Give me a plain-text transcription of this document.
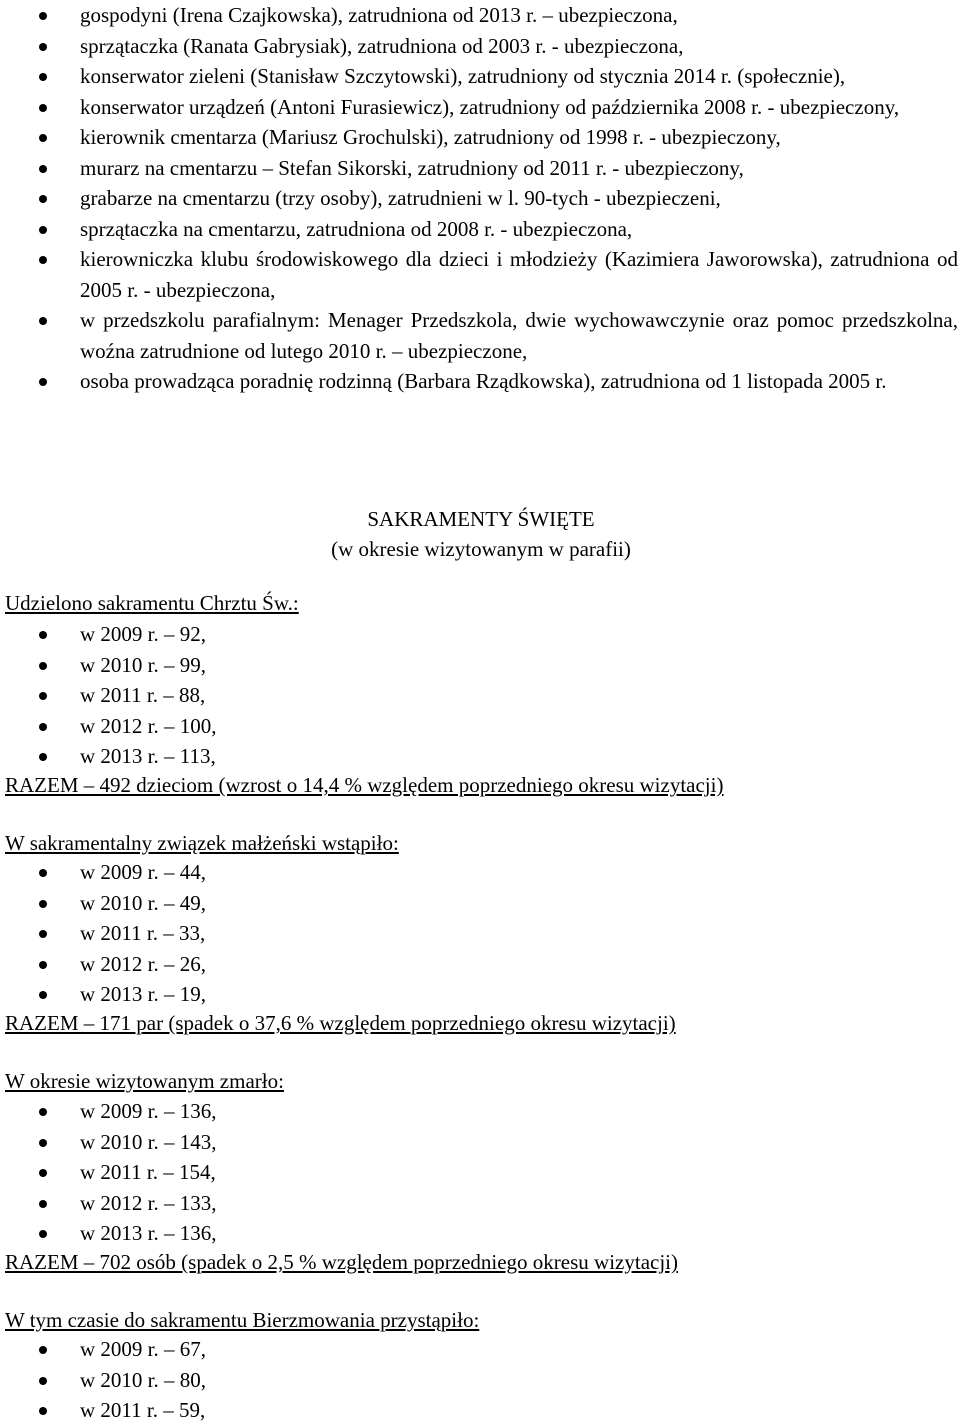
gospodyni (Irena Czajkowska), zatrudniona od 2013 r. – ubezpieczona,
sprzątaczka (Ranata Gabrysiak), zatrudniona od 2003 r. - ubezpieczona,
konserwator zieleni (Stanisław Szczytowski), zatrudniony od stycznia 2014 r. (społecznie),
konserwator urządzeń (Antoni Furasiewicz), zatrudniony od października 2008 r. - ubezpieczony,
kierownik cmentarza (Mariusz Grochulski), zatrudniony od 1998 r. - ubezpieczony,
murarz na cmentarzu – Stefan Sikorski, zatrudniony od 2011 r. - ubezpieczony,
grabarze na cmentarzu (trzy osoby), zatrudnieni w l. 90-tych - ubezpieczeni,
sprzątaczka na cmentarzu, zatrudniona od 2008 r. - ubezpieczona,
kierowniczka klubu środowiskowego dla dzieci i młodzieży (Kazimiera Jaworowska), zatrudniona od 2005 r. - ubezpieczona,
w przedszkolu parafialnym: Menager Przedszkola, dwie wychowawczynie oraz pomoc przedszkolna, woźna zatrudnione od lutego 2010 r. – ubezpieczone,
osoba prowadząca poradnię rodzinną (Barbara Rządkowska), zatrudniona od 1 listopada 2005 r.
SAKRAMENTY ŚWIĘTE
(w okresie wizytowanym w parafii)
Udzielono sakramentu Chrztu Św.:
w 2009 r. – 92,
w 2010 r. – 99,
w 2011 r. – 88,
w 2012 r. – 100,
w 2013 r. – 113,
RAZEM – 492 dzieciom (wzrost o 14,4 % względem poprzedniego okresu wizytacji)
W sakramentalny związek małżeński wstąpiło:
w 2009 r. – 44,
w 2010 r. – 49,
w 2011 r. – 33,
w 2012 r. – 26,
w 2013 r. – 19,
RAZEM – 171 par (spadek o 37,6 % względem poprzedniego okresu wizytacji)
W okresie wizytowanym zmarło:
w 2009 r. – 136,
w 2010 r. – 143,
w 2011 r. – 154,
w 2012 r. – 133,
w 2013 r. – 136,
RAZEM – 702 osób (spadek o 2,5 % względem poprzedniego okresu wizytacji)
W tym czasie do sakramentu Bierzmowania przystąpiło:
w 2009 r. – 67,
w 2010 r. – 80,
w 2011 r. – 59,
